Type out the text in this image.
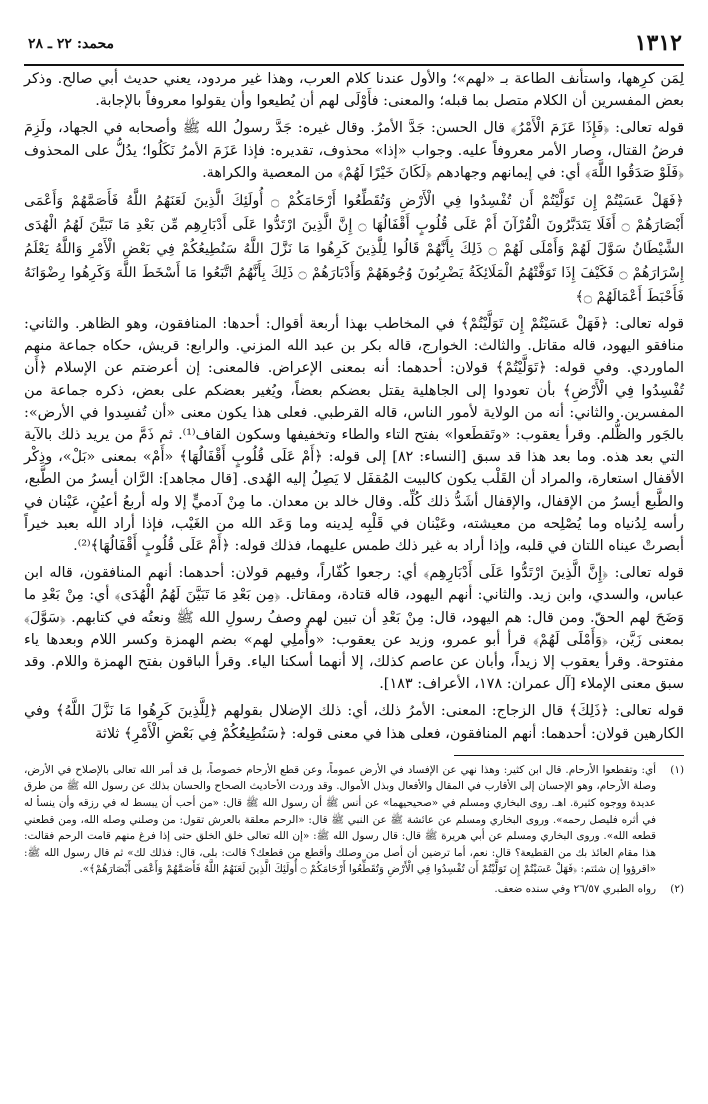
١٣١٢
محمد: ٢٢ ـ ٢٨

لِمَن كرِهها، واستأنف الطاعة بـ «لهم»؛ والأول عندنا كلام العرب، وهذا غير مردود، يعني حديث أبي صالح. وذكر بعض المفسرين أن الكلام متصل بما قبله؛ والمعنى: فأَوْلَى لهم أن يُطيعوا وأن يقولوا معروفاً بالإجابة.

قوله تعالى: ﴿فَإِذَا عَزَمَ الْأَمْرُ﴾ قال الحسن: جَدَّ الأمرُ. وقال غيره: جَدَّ رسولُ الله ﷺ وأصحابه في الجهاد، ولَزِمَ فرضُ القتال، وصار الأمر معروفاً عليه. وجواب «إذا» محذوف، تقديره: فإذا عَزَمَ الأمرُ نَكَلُوا؛ يدُلُّ على المحذوف ﴿فَلَوْ صَدَقُوا اللَّهَ﴾ أي: في إيمانهم وجهادهم ﴿لَكَانَ خَيْرًا لَهُمْ﴾ من المعصية والكراهة.

﴿فَهَلْ عَسَيْتُمْ إِن تَوَلَّيْتُمْ أَن تُفْسِدُوا فِي الْأَرْضِ وَتُقَطِّعُوا أَرْحَامَكُمْ ۝ أُولَئِكَ الَّذِينَ لَعَنَهُمُ اللَّهُ فَأَصَمَّهُمْ وَأَعْمَى أَبْصَارَهُمْ ۝ أَفَلَا يَتَدَبَّرُونَ الْقُرْآنَ أَمْ عَلَى قُلُوبٍ أَقْفَالُهَا ۝ إِنَّ الَّذِينَ ارْتَدُّوا عَلَى أَدْبَارِهِم مِّن بَعْدِ مَا تَبَيَّنَ لَهُمُ الْهُدَى الشَّيْطَانُ سَوَّلَ لَهُمْ وَأَمْلَى لَهُمْ ۝ ذَلِكَ بِأَنَّهُمْ قَالُوا لِلَّذِينَ كَرِهُوا مَا نَزَّلَ اللَّهُ سَنُطِيعُكُمْ فِي بَعْضِ الْأَمْرِ وَاللَّهُ يَعْلَمُ إِسْرَارَهُمْ ۝ فَكَيْفَ إِذَا تَوَفَّتْهُمُ الْمَلَائِكَةُ يَضْرِبُونَ وُجُوهَهُمْ وَأَدْبَارَهُمْ ۝ ذَلِكَ بِأَنَّهُمُ اتَّبَعُوا مَا أَسْخَطَ اللَّهَ وَكَرِهُوا رِضْوَانَهُ فَأَحْبَطَ أَعْمَالَهُمْ ۝﴾

قوله تعالى: ﴿فَهَلْ عَسَيْتُمْ إِن تَوَلَّيْتُمْ﴾ في المخاطب بهذا أربعة أقوال: أحدها: المنافقون، وهو الظاهر. والثاني: منافقو اليهود، قاله مقاتل. والثالث: الخوارج، قاله بكر بن عبد الله المزني. والرابع: قريش، حكاه جماعة منهم الماوردي. وفي قوله: ﴿تَوَلَّيْتُمْ﴾ قولان: أحدهما: أنه بمعنى الإعراض. فالمعنى: إن أعرضتم عن الإسلام ﴿أَن تُفْسِدُوا فِي الْأَرْضِ﴾ بأن تعودوا إلى الجاهلية يقتل بعضكم بعضاً، ويُغير بعضكم على بعض، ذكره جماعة من المفسرين. والثاني: أنه من الولاية لأمور الناس، قاله القرطبي. فعلى هذا يكون معنى «أن تُفسِدوا في الأرض»: بالجَور والظُّلم. وقرأ يعقوب: «وتَقطَعوا» بفتح التاء والطاء وتخفيفها وسكون القاف⁽¹⁾. ثم ذَمَّ من يريد ذلك بالآية التي بعد هذه. وما بعد هذا قد سبق [النساء: ٨٢] إلى قوله: ﴿أَمْ عَلَى قُلُوبٍ أَقْفَالُهَا﴾ «أَمْ» بمعنى «بَلْ»، وذِكْر الأقفال استعارة، والمراد أن القَلْب يكون كالبيت المُقفَل لا يَصِلُ إليه الهُدى. [قال مجاهد]: الرَّان أيسرُ من الطَّبع، والطَّبع أيسرُ من الإقفال، والإقفال أشَدُّ ذلك كُلِّه. وقال خالد بن معدان. ما مِنْ آدميٍّ إلا وله أربعُ أعيُنٍ، عَيْنان في رأسه لِدُنياه وما يُصْلِحه من معيشته، وعَيْنان في قَلْبِه لِدينه وما وَعَد الله من الغَيْب، فإذا أراد الله بعبد خيراً أبصرتْ عيناه اللتان في قلبه، وإذا أراد به غير ذلك طمس عليهما، فذلك قوله: ﴿أَمْ عَلَى قُلُوبٍ أَقْفَالُهَا﴾⁽²⁾.

قوله تعالى: ﴿إِنَّ الَّذِينَ ارْتَدُّوا عَلَى أَدْبَارِهِم﴾ أي: رجعوا كُفّاراً، وفيهم قولان: أحدهما: أنهم المنافقون، قاله ابن عباس، والسدي، وابن زيد. والثاني: أنهم اليهود، قاله قتادة، ومقاتل. ﴿مِن بَعْدِ مَا تَبَيَّنَ لَهُمُ الْهُدَى﴾ أي: مِنْ بَعْدِ ما وَضَحَ لهم الحقّ. ومن قال: هم اليهود، قال: مِنْ بَعْدِ أن تبين لهم وصفُ رسولِ الله ﷺ ونعتُه في كتابهم. ﴿سَوَّلَ﴾ بمعنى زَيَّن، ﴿وَأَمْلَى لَهُمْ﴾ قرأ أبو عمرو، وزيد عن يعقوب: «وأُملِي لهم» بضم الهمزة وكسر اللام وبعدها ياء مفتوحة. وقرأ يعقوب إلا زيداً، وأبان عن عاصم كذلك، إلا أنهما أسكنا الياء. وقرأ الباقون بفتح الهمزة واللام. وقد سبق معنى الإملاء [آل عمران: ١٧٨، الأعراف: ١٨٣].

قوله تعالى: ﴿ذَلِكَ﴾ قال الزجاج: المعنى: الأمرُ ذلك، أي: ذلك الإضلال بقولهم ﴿لِلَّذِينَ كَرِهُوا مَا نَزَّلَ اللَّهُ﴾ وفي الكارهين قولان: أحدهما: أنهم المنافقون، فعلى هذا في معنى قوله: ﴿سَنُطِيعُكُمْ فِي بَعْضِ الْأَمْرِ﴾ ثلاثة

(١)
أي: وتقطعوا الأرحام. قال ابن كثير: وهذا نهي عن الإفساد في الأرض عموماً، وعن قطع الأرحام خصوصاً، بل قد أمر الله تعالى بالإصلاح في الأرض، وصلة الأرحام، وهو الإحسان إلى الأقارب في المقال والأفعال وبذل الأموال. وقد وردت الأحاديث الصحاح والحسان بذلك عن رسول الله ﷺ من طرق عديدة ووجوه كثيرة. اهـ. روى البخاري ومسلم في «صحيحيهما» عن أنس ﷺ أن رسول الله ﷺ قال: «من أحب أن يبسط له في رزقه وأن ينسأ له في أثره فليصل رحمه». وروى البخاري ومسلم عن عائشة ﷺ عن النبي ﷺ قال: «الرحم معلقة بالعرش تقول: من وصلني وصله الله، ومن قطعني قطعه الله». وروى البخاري ومسلم عن أبي هريرة ﷺ قال: قال رسول الله ﷺ: «إن الله تعالى خلق الخلق حتى إذا فرغ منهم قامت الرحم فقالت: هذا مقام العائذ بك من القطيعة؟ قال: نعم، أما ترضين أن أصل من وصلك وأقطع من قطعك؟ قالت: بلى، قال: فذلك لك» ثم قال رسول الله ﷺ: «اقرؤوا إن شئتم: ﴿فَهَلْ عَسَيْتُمْ إِن تَوَلَّيْتُمْ أَن تُفْسِدُوا فِي الْأَرْضِ وَتُقَطِّعُوا أَرْحَامَكُمْ ۝ أُولَئِكَ الَّذِينَ لَعَنَهُمُ اللَّهُ فَأَصَمَّهُمْ وَأَعْمَى أَبْصَارَهُمْ﴾».
(٢)
رواه الطبري ٢٦/٥٧ وفي سنده ضعف.
